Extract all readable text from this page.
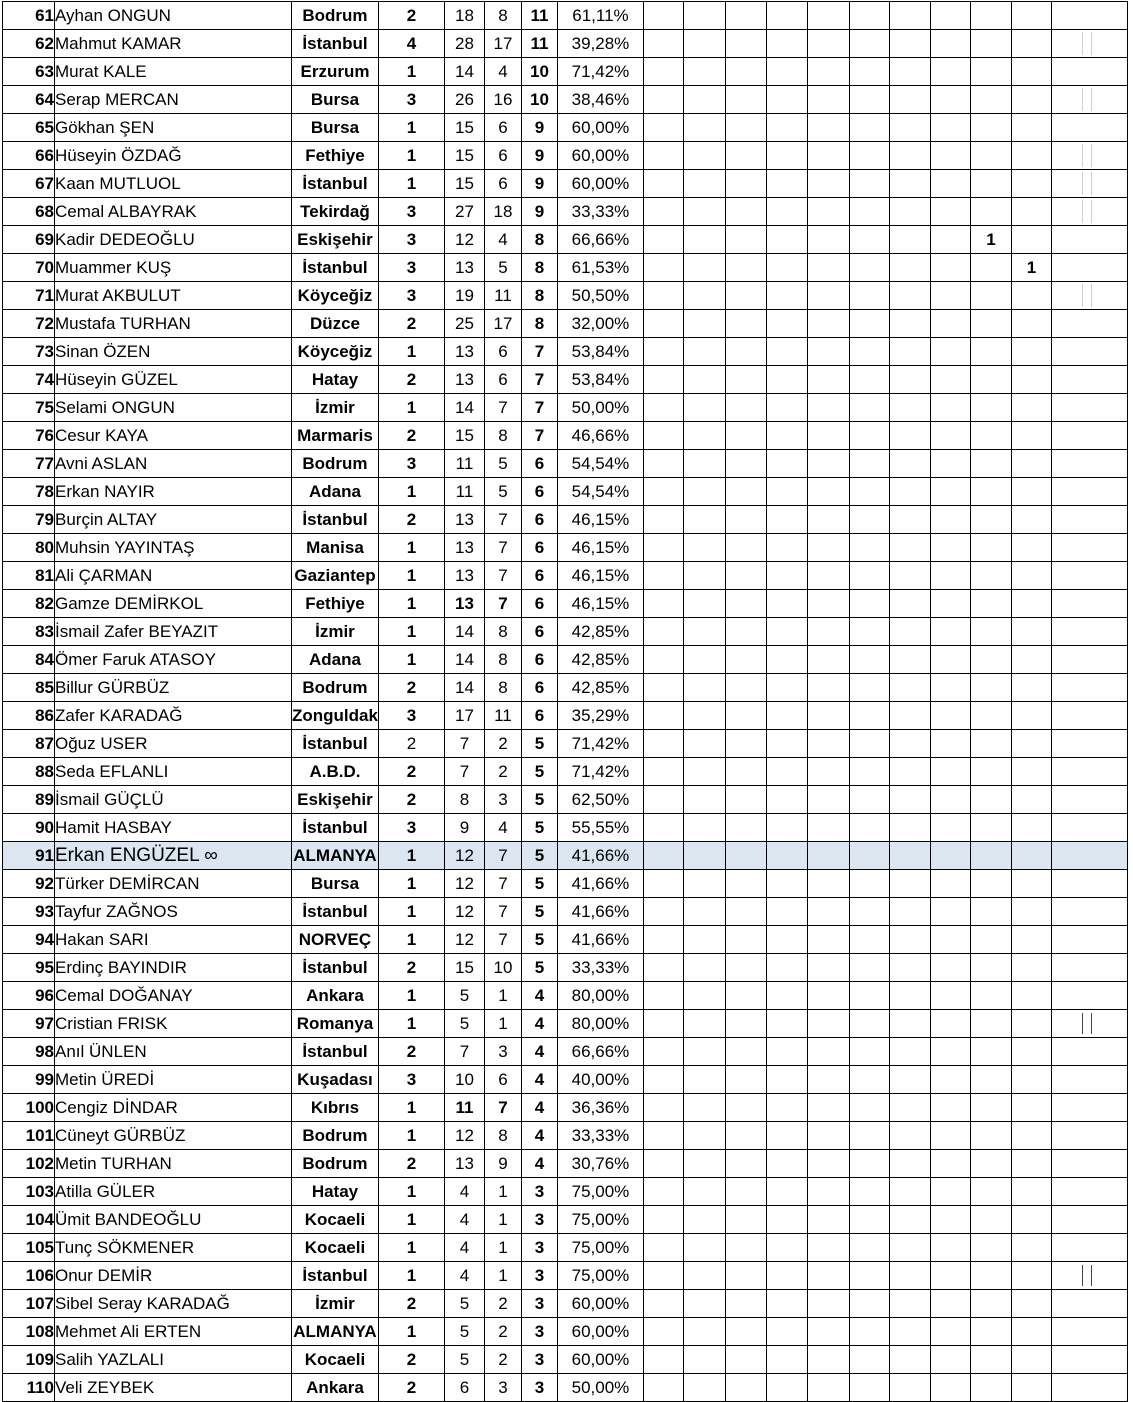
61	Ayhan ONGUN	Bodrum	2	18	8	11	61,11%											
62	Mahmut KAMAR	İstanbul	4	28	17	11	39,28%											

63	Murat KALE	Erzurum	1	14	4	10	71,42%											
64	Serap MERCAN	Bursa	3	26	16	10	38,46%											

65	Gökhan ŞEN	Bursa	1	15	6	9	60,00%											
66	Hüseyin ÖZDAĞ	Fethiye	1	15	6	9	60,00%											

67	Kaan MUTLUOL	İstanbul	1	15	6	9	60,00%											

68	Cemal ALBAYRAK	Tekirdağ	3	27	18	9	33,33%											

69	Kadir DEDEOĞLU	Eskişehir	3	12	4	8	66,66%									1		
70	Muammer KUŞ	İstanbul	3	13	5	8	61,53%										1	
71	Murat AKBULUT	Köyceğiz	3	19	11	8	50,50%											

72	Mustafa TURHAN	Düzce	2	25	17	8	32,00%											
73	Sinan ÖZEN	Köyceğiz	1	13	6	7	53,84%											
74	Hüseyin GÜZEL	Hatay	2	13	6	7	53,84%											
75	Selami ONGUN	İzmir	1	14	7	7	50,00%											
76	Cesur KAYA	Marmaris	2	15	8	7	46,66%											
77	Avni ASLAN	Bodrum	3	11	5	6	54,54%											
78	Erkan NAYIR	Adana	1	11	5	6	54,54%											
79	Burçin ALTAY	İstanbul	2	13	7	6	46,15%											
80	Muhsin YAYINTAŞ	Manisa	1	13	7	6	46,15%											
81	Ali ÇARMAN	Gaziantep	1	13	7	6	46,15%											
82	Gamze DEMİRKOL	Fethiye	1	13	7	6	46,15%											
83	İsmail Zafer BEYAZIT	İzmir	1	14	8	6	42,85%											
84	Ömer Faruk ATASOY	Adana	1	14	8	6	42,85%											
85	Billur GÜRBÜZ	Bodrum	2	14	8	6	42,85%											
86	Zafer KARADAĞ	Zonguldak	3	17	11	6	35,29%											
87	Oğuz USER	İstanbul	2	7	2	5	71,42%											
88	Seda EFLANLI	A.B.D.	2	7	2	5	71,42%											
89	İsmail GÜÇLÜ	Eskişehir	2	8	3	5	62,50%											
90	Hamit HASBAY	İstanbul	3	9	4	5	55,55%											
91	Erkan ENGÜZEL ∞	ALMANYA	1	12	7	5	41,66%											
92	Türker DEMİRCAN	Bursa	1	12	7	5	41,66%											
93	Tayfur ZAĞNOS	İstanbul	1	12	7	5	41,66%											
94	Hakan SARI	NORVEÇ	1	12	7	5	41,66%											
95	Erdinç BAYINDIR	İstanbul	2	15	10	5	33,33%											
96	Cemal DOĞANAY	Ankara	1	5	1	4	80,00%											
97	Cristian FRISK	Romanya	1	5	1	4	80,00%											

98	Anıl ÜNLEN	İstanbul	2	7	3	4	66,66%											
99	Metin ÜREDİ	Kuşadası	3	10	6	4	40,00%											
100	Cengiz DİNDAR	Kıbrıs	1	11	7	4	36,36%											
101	Cüneyt GÜRBÜZ	Bodrum	1	12	8	4	33,33%											
102	Metin TURHAN	Bodrum	2	13	9	4	30,76%											
103	Atilla GÜLER	Hatay	1	4	1	3	75,00%											
104	Ümit BANDEOĞLU	Kocaeli	1	4	1	3	75,00%											
105	Tunç SÖKMENER	Kocaeli	1	4	1	3	75,00%											
106	Onur DEMİR	İstanbul	1	4	1	3	75,00%											

107	Sibel Seray KARADAĞ	İzmir	2	5	2	3	60,00%											
108	Mehmet Ali ERTEN	ALMANYA	1	5	2	3	60,00%											
109	Salih YAZLALI	Kocaeli	2	5	2	3	60,00%											
110	Veli ZEYBEK	Ankara	2	6	3	3	50,00%											
